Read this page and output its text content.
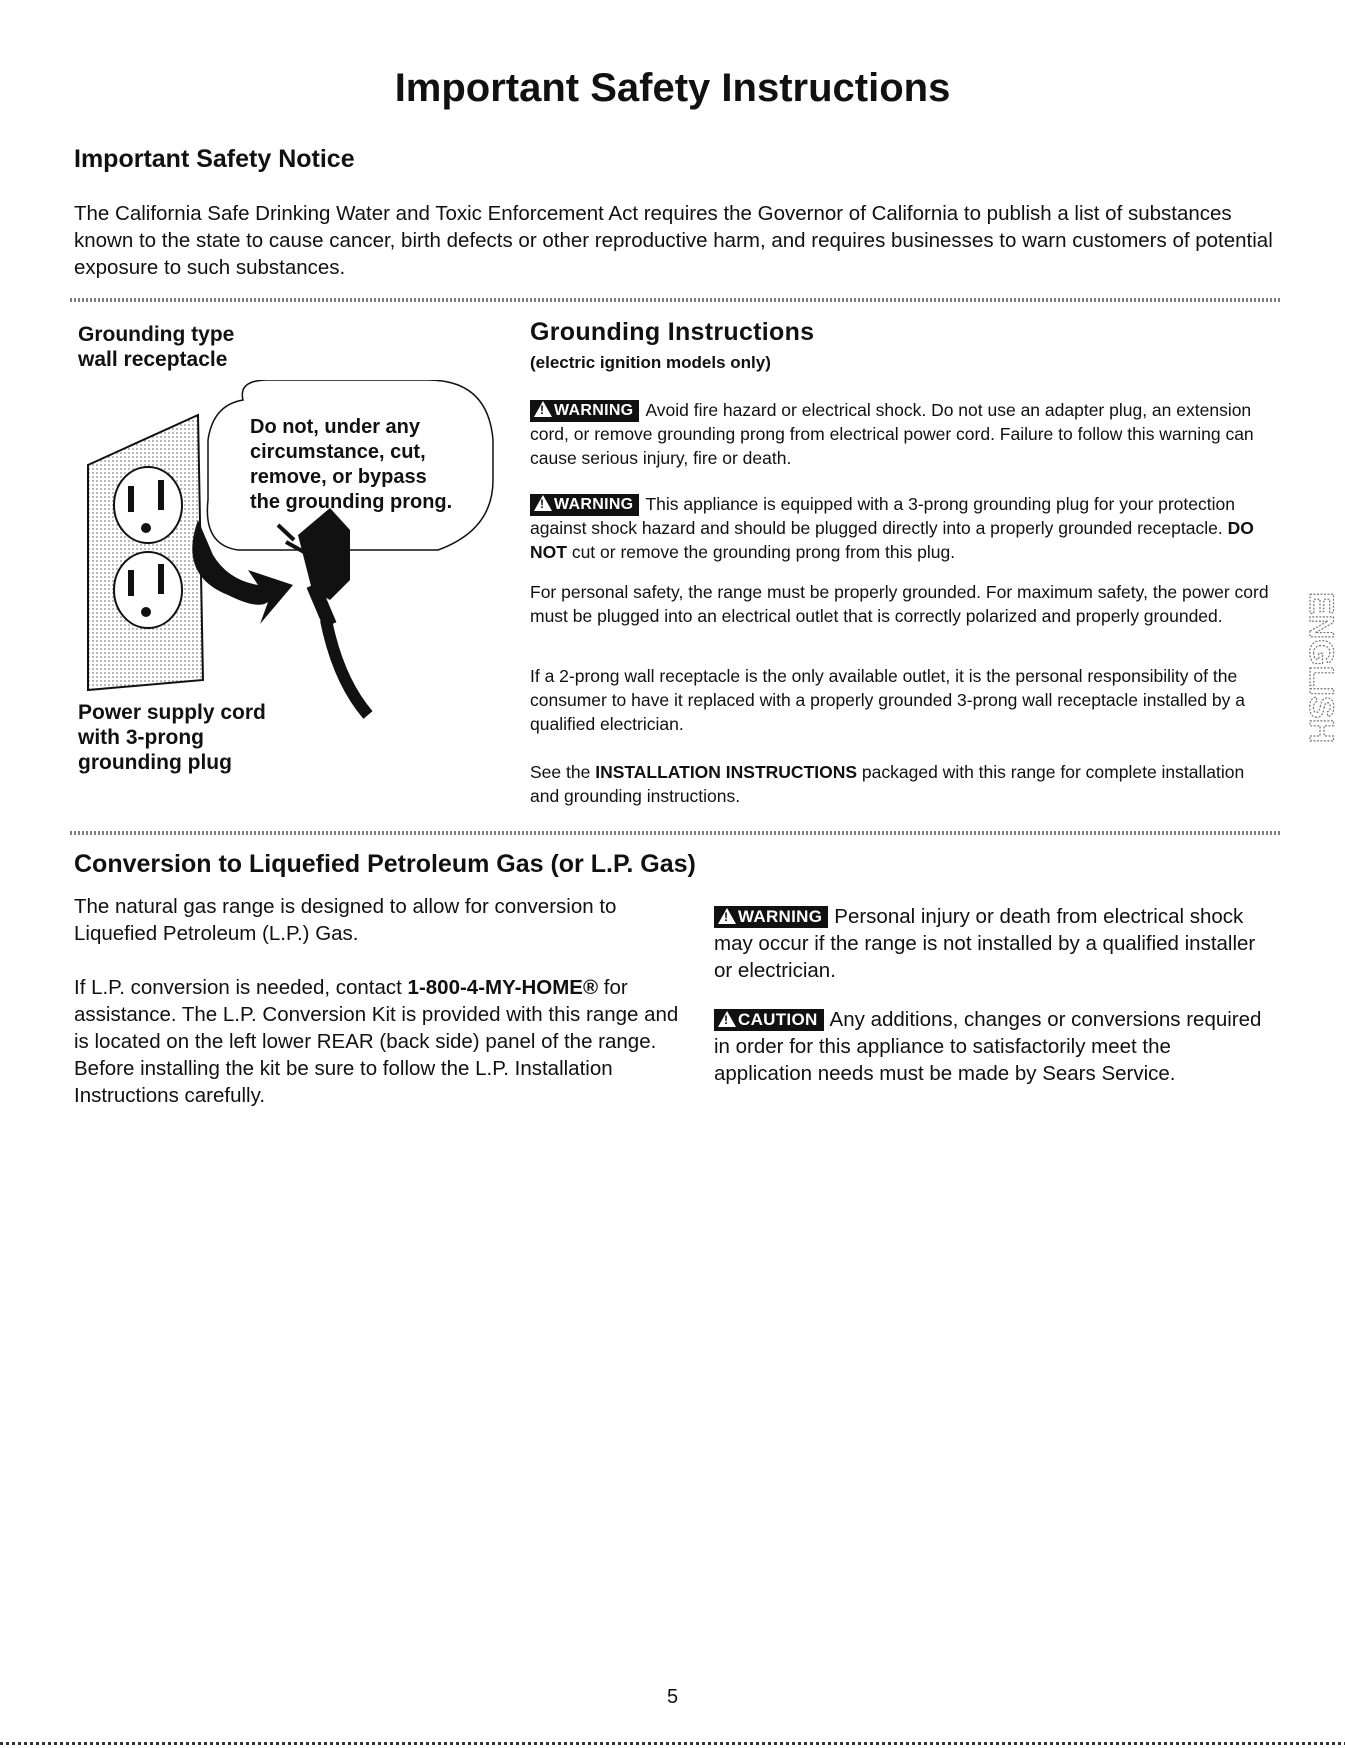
Important Safety Instructions
Important Safety Notice

The California Safe Drinking Water and Toxic Enforcement Act requires the Governor of California to publish a list of substances known to the state to cause cancer, birth defects or other reproductive harm, and requires businesses to warn customers of potential exposure to such substances.

Grounding type
wall receptacle
Do not, under any
circumstance, cut,
remove, or bypass
the grounding prong.
Power supply cord
with 3-prong
grounding plug
Grounding Instructions
(electric ignition models only)
! WARNING Avoid fire hazard or electrical shock. Do not use an adapter plug, an extension cord, or remove grounding prong from electrical power cord. Failure to follow this warning can cause serious injury, fire or death.
! WARNING This appliance is equipped with a 3-prong grounding plug for your protection against shock hazard and should be plugged directly into a properly grounded receptacle. DO NOT cut or remove the grounding prong from this plug.
For personal safety, the range must be properly grounded. For maximum safety, the power cord must be plugged into an electrical outlet that is correctly polarized and properly grounded.
If a 2-prong wall receptacle is the only available outlet, it is the personal responsibility of the consumer to have it replaced with a properly grounded 3-prong wall receptacle installed by a qualified electrician.
See the INSTALLATION INSTRUCTIONS packaged with this range for complete installation and grounding instructions.
ENGLISH
Conversion to Liquefied Petroleum Gas (or L.P. Gas)

The natural gas range is designed to allow for conversion to Liquefied Petroleum (L.P.) Gas.

If L.P. conversion is needed, contact 1-800-4-MY-HOME® for assistance. The L.P. Conversion Kit is provided with this range and is located on the left lower REAR (back side) panel of the range. Before installing the kit be sure to follow the L.P. Installation Instructions carefully.

! WARNING Personal injury or death from electrical shock may occur if the range is not installed by a qualified installer or electrician.

! CAUTION Any additions, changes or conversions required in order for this appliance to satisfactorily meet the application needs must be made by Sears Service.

5
